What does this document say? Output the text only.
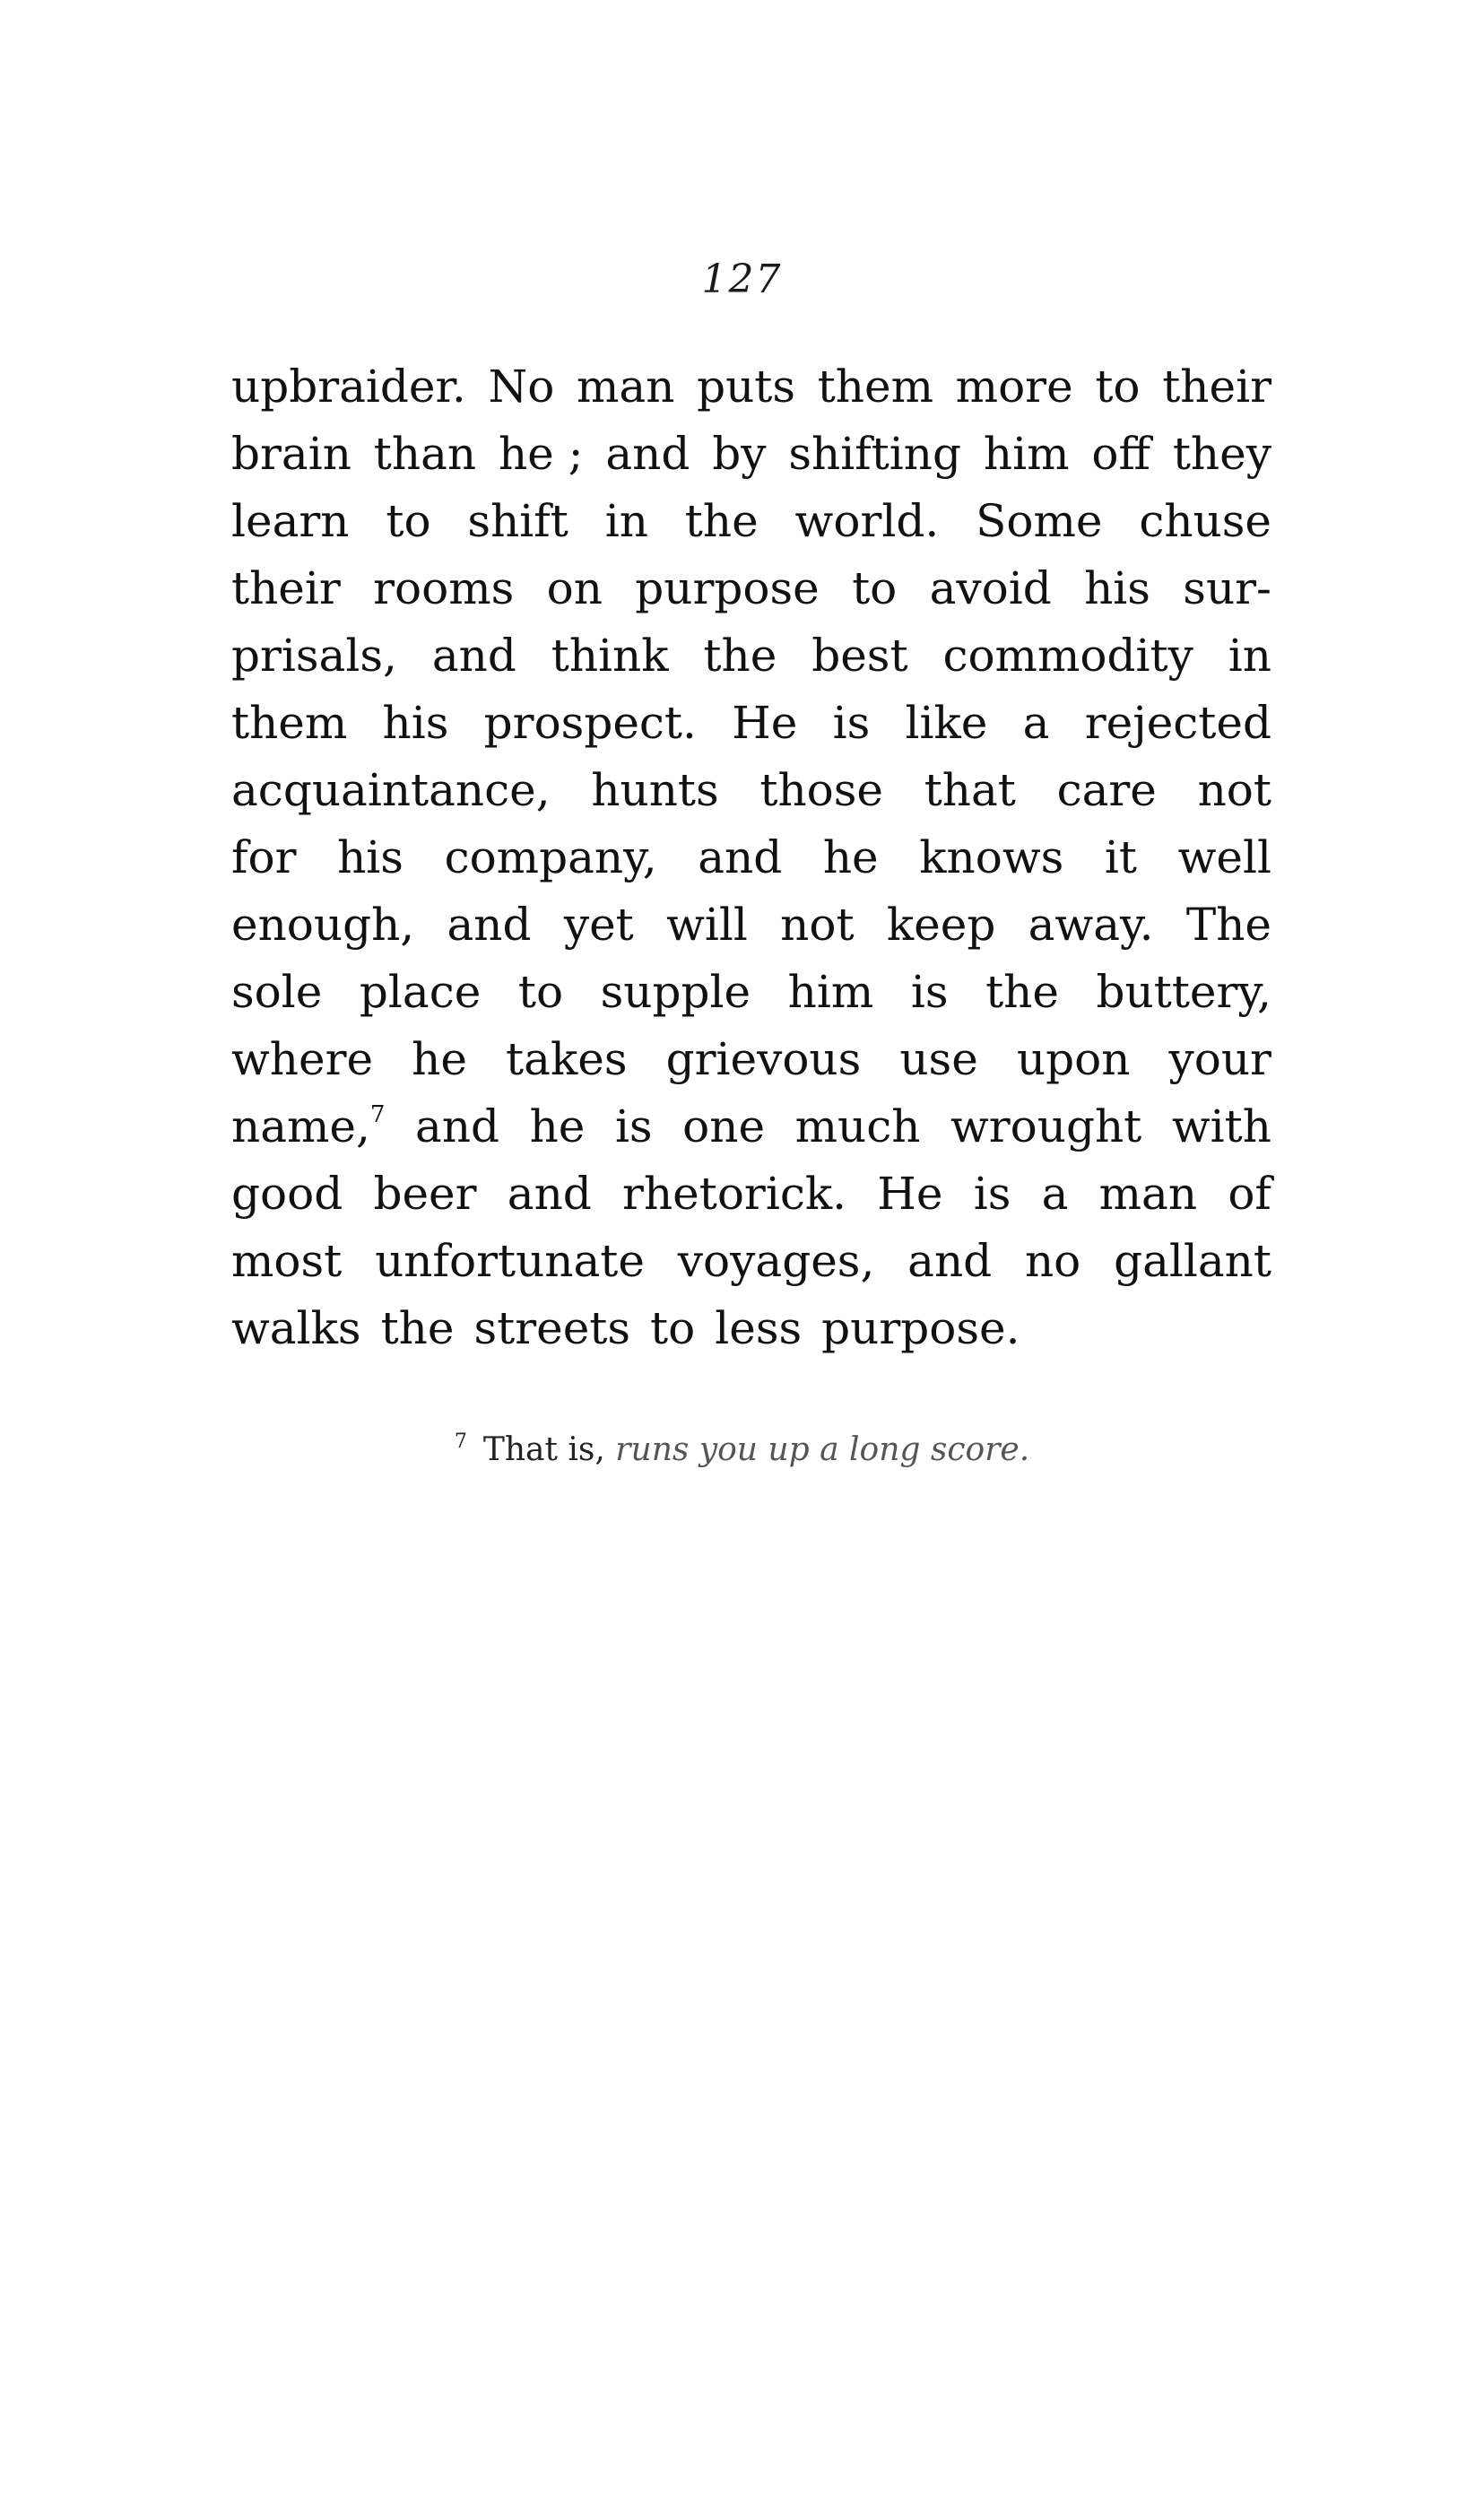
127
upbraider. No man puts them more to their
brain than he ; and by shifting him off they
learn to shift in the world. Some chuse
their rooms on purpose to avoid his sur-
prisals, and think the best commodity in
them his prospect. He is like a rejected
acquaintance, hunts those that care not
for his company, and he knows it well
enough, and yet will not keep away. The
sole place to supple him is the buttery,
where he takes grievous use upon your
name,$^7$ and he is one much wrought with
good beer and rhetorick. He is a man of
most unfortunate voyages, and no gallant
walks the streets to less purpose.
$^7$ That is, runs you up a long score.
